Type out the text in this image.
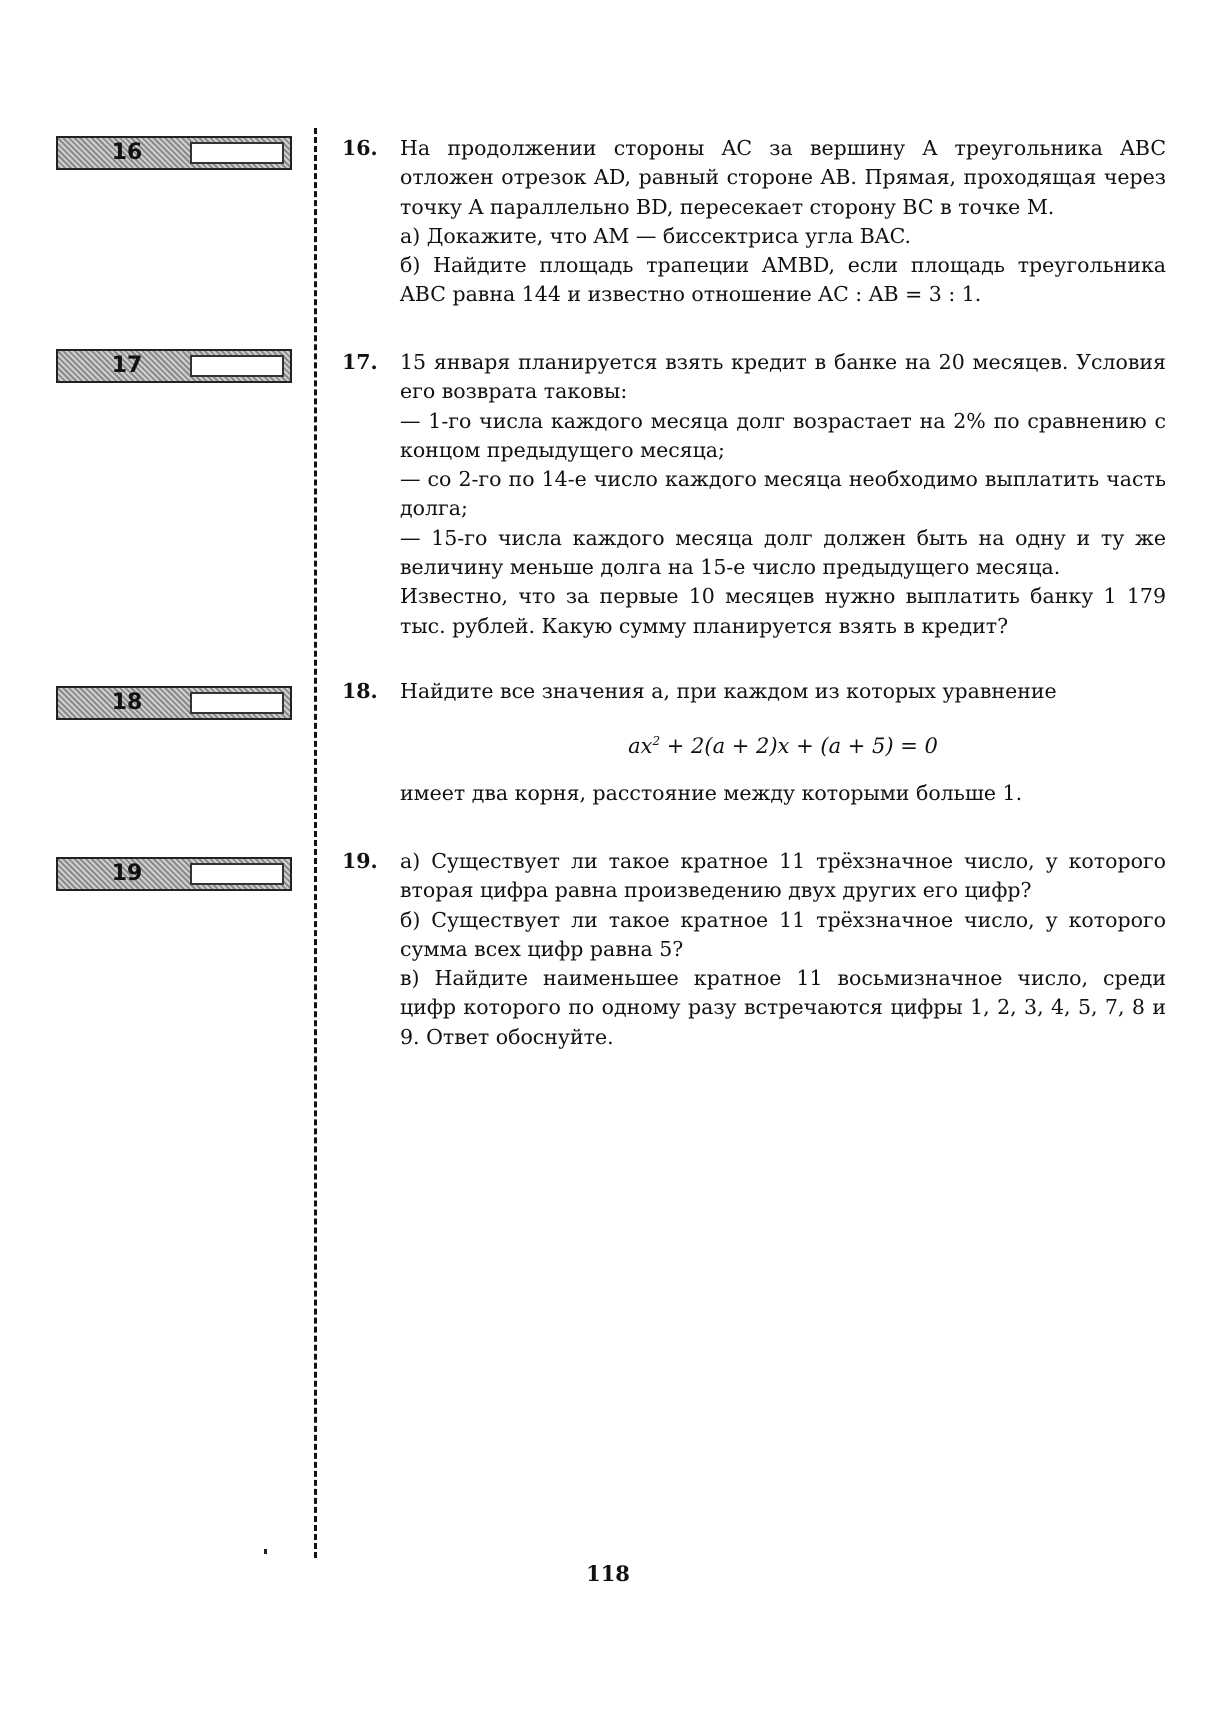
16
17
18
19
16. На продолжении стороны AC за вершину A треугольника ABC отложен отрезок AD, равный стороне AB. Прямая, проходящая через точку A параллельно BD, пересекает сторону BC в точке M.

а) Докажите, что AM — биссектриса угла BAC.

б) Найдите площадь трапеции AMBD, если площадь треугольника ABC равна 144 и известно отношение AC : AB = 3 : 1.

17. 15 января планируется взять кредит в банке на 20 месяцев. Условия его возврата таковы:

— 1-го числа каждого месяца долг возрастает на 2% по сравнению с концом предыдущего месяца;

— со 2-го по 14-е число каждого месяца необходимо выплатить часть долга;

— 15-го числа каждого месяца долг должен быть на одну и ту же величину меньше долга на 15-е число предыдущего месяца.

Известно, что за первые 10 месяцев нужно выплатить банку 1 179 тыс. рублей. Какую сумму планируется взять в кредит?

18. Найдите все значения a, при каждом из которых уравнение

$ax^2 + 2(a + 2)x + (a + 5) = 0$

имеет два корня, расстояние между которыми больше 1.

19. а) Существует ли такое кратное 11 трёхзначное число, у которого вторая цифра равна произведению двух других его цифр?

б) Существует ли такое кратное 11 трёхзначное число, у которого сумма всех цифр равна 5?

в) Найдите наименьшее кратное 11 восьмизначное число, среди цифр которого по одному разу встречаются цифры 1, 2, 3, 4, 5, 7, 8 и 9. Ответ обоснуйте.

118
